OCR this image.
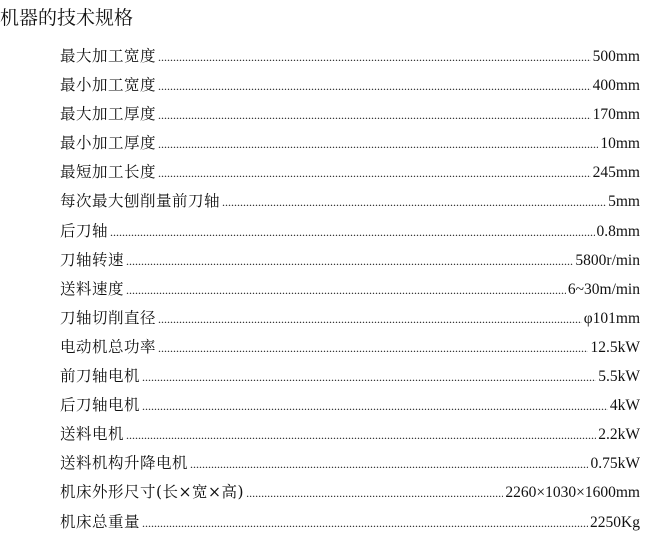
机器的技术规格
最大加工宽度 .....	500mm
最小加工宽度 .....	400mm
最大加工厚度 .....	170mm
最小加工厚度 .....	10mm
最短加工长度 .....	245mm
每次最大刨削量前刀轴 .....	5mm
后刀轴 .....	0.8mm
刀轴转速 .....	5800r/min
送料速度 .....	6~30m/min
刀轴切削直径 .....	φ101mm
电动机总功率 .....	12.5kW
前刀轴电机 .....	5.5kW
后刀轴电机 .....	4kW
送料电机 .....	2.2kW
送料机构升降电机 .....	0.75kW
机床外形尺寸(长×宽×高) .....	2260×1030×1600mm
机床总重量 .....	2250Kg
